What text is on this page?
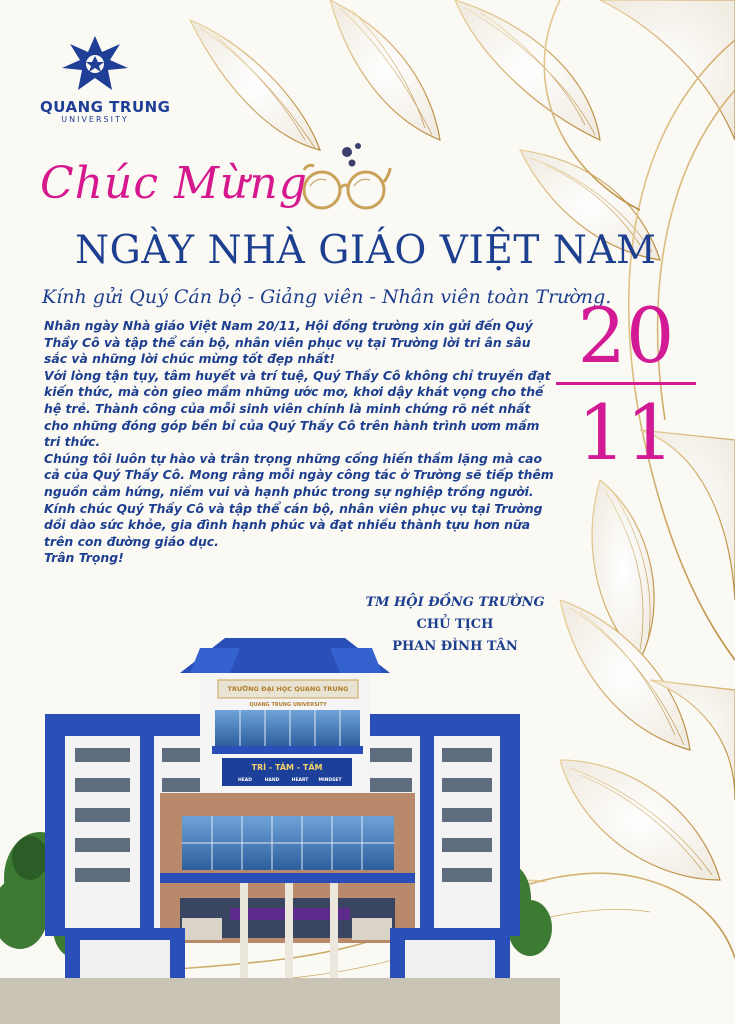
QUANG TRUNG
UNIVERSITY
Chúc Mừng
NGÀY NHÀ GIÁO VIỆT NAM
Kính gửi Quý Cán bộ - Giảng viên - Nhân viên toàn Trường.
20
11

Nhân ngày Nhà giáo Việt Nam 20/11, Hội đồng trường xin gửi đến Quý Thầy Cô và tập thể cán bộ, nhân viên phục vụ tại Trường lời tri ân sâu sắc và những lời chúc mừng tốt đẹp nhất!

Với lòng tận tụy, tâm huyết và trí tuệ, Quý Thầy Cô không chỉ truyền đạt kiến thức, mà còn gieo mầm những ước mơ, khơi dậy khát vọng cho thế hệ trẻ. Thành công của mỗi sinh viên chính là minh chứng rõ nét nhất cho những đóng góp bền bỉ của Quý Thầy Cô trên hành trình ươm mầm tri thức.

Chúng tôi luôn tự hào và trân trọng những cống hiến thầm lặng mà cao cả của Quý Thầy Cô. Mong rằng mỗi ngày công tác ở Trường sẽ tiếp thêm nguồn cảm hứng, niềm vui và hạnh phúc trong sự nghiệp trồng người.

Kính chúc Quý Thầy Cô và tập thể cán bộ, nhân viên phục vụ tại Trường dồi dào sức khỏe, gia đình hạnh phúc và đạt nhiều thành tựu hơn nữa trên con đường giáo dục.

Trân Trọng!

TM HỘI ĐỒNG TRƯỜNG
CHỦ TỊCH
PHAN ĐÌNH TÂN
TRƯỜNG ĐẠI HỌC QUANG TRUNG
QUANG TRUNG UNIVERSITY
TRÍ - TÂM - TẦM
HEAD	HAND	HEART MINDSET
